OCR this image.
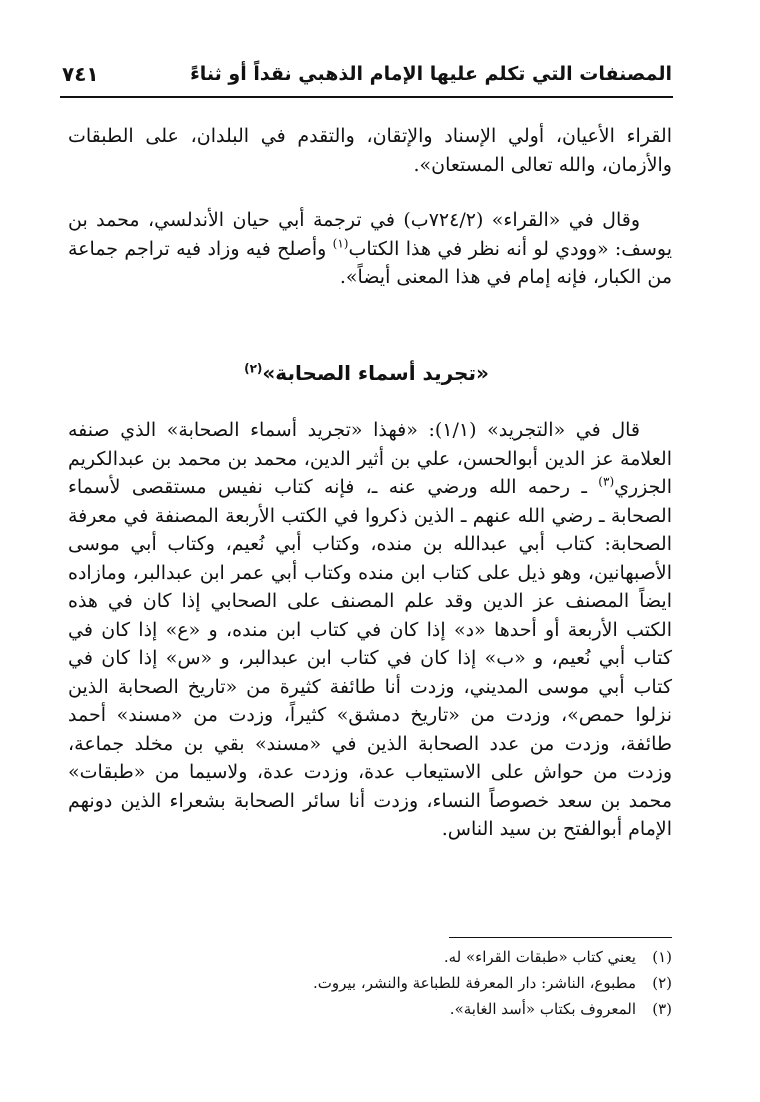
المصنفات التي تكلم عليها الإمام الذهبي نقداً أو ثناءً
٧٤١

القراء الأعيان، أولي الإسناد والإتقان، والتقدم في البلدان، على الطبقات والأزمان، والله تعالى المستعان».

وقال في «القراء» (٧٢٤/٢ب) في ترجمة أبي حيان الأندلسي، محمد بن يوسف: «وودي لو أنه نظر في هذا الكتاب$^{(١)}$ وأصلح فيه وزاد فيه تراجم جماعة من الكبار، فإنه إمام في هذا المعنى أيضاً».

«تجريد أسماء الصحابة»$^{(٢)}$

قال في «التجريد» (١/١): «فهذا «تجريد أسماء الصحابة» الذي صنفه العلامة عز الدين أبوالحسن، علي بن أثير الدين، محمد بن محمد بن عبدالكريم الجزري$^{(٣)}$ ـ رحمه الله ورضي عنه ـ، فإنه كتاب نفيس مستقصى لأسماء الصحابة ـ رضي الله عنهم ـ الذين ذكروا في الكتب الأربعة المصنفة في معرفة الصحابة: كتاب أبي عبدالله بن منده، وكتاب أبي نُعيم، وكتاب أبي موسى الأصبهانين، وهو ذيل على كتاب ابن منده وكتاب أبي عمر ابن عبدالبر، ومازاده ايضاً المصنف عز الدين وقد علم المصنف على الصحابي إذا كان في هذه الكتب الأربعة أو أحدها «د» إذا كان في كتاب ابن منده، و «ع» إذا كان في كتاب أبي نُعيم، و «ب» إذا كان في كتاب ابن عبدالبر، و «س» إذا كان في كتاب أبي موسى المديني، وزدت أنا طائفة كثيرة من «تاريخ الصحابة الذين نزلوا حمص»، وزدت من «تاريخ دمشق» كثيراً، وزدت من «مسند» أحمد طائفة، وزدت من عدد الصحابة الذين في «مسند» بقي بن مخلد جماعة، وزدت من حواش على الاستيعاب عدة، وزدت عدة، ولاسيما من «طبقات» محمد بن سعد خصوصاً النساء، وزدت أنا سائر الصحابة بشعراء الذين دونهم الإمام أبوالفتح بن سيد الناس.

(١)
يعني كتاب «طبقات القراء» له.
(٢)
مطبوع، الناشر: دار المعرفة للطباعة والنشر، بيروت.
(٣)
المعروف بكتاب «أسد الغابة».
